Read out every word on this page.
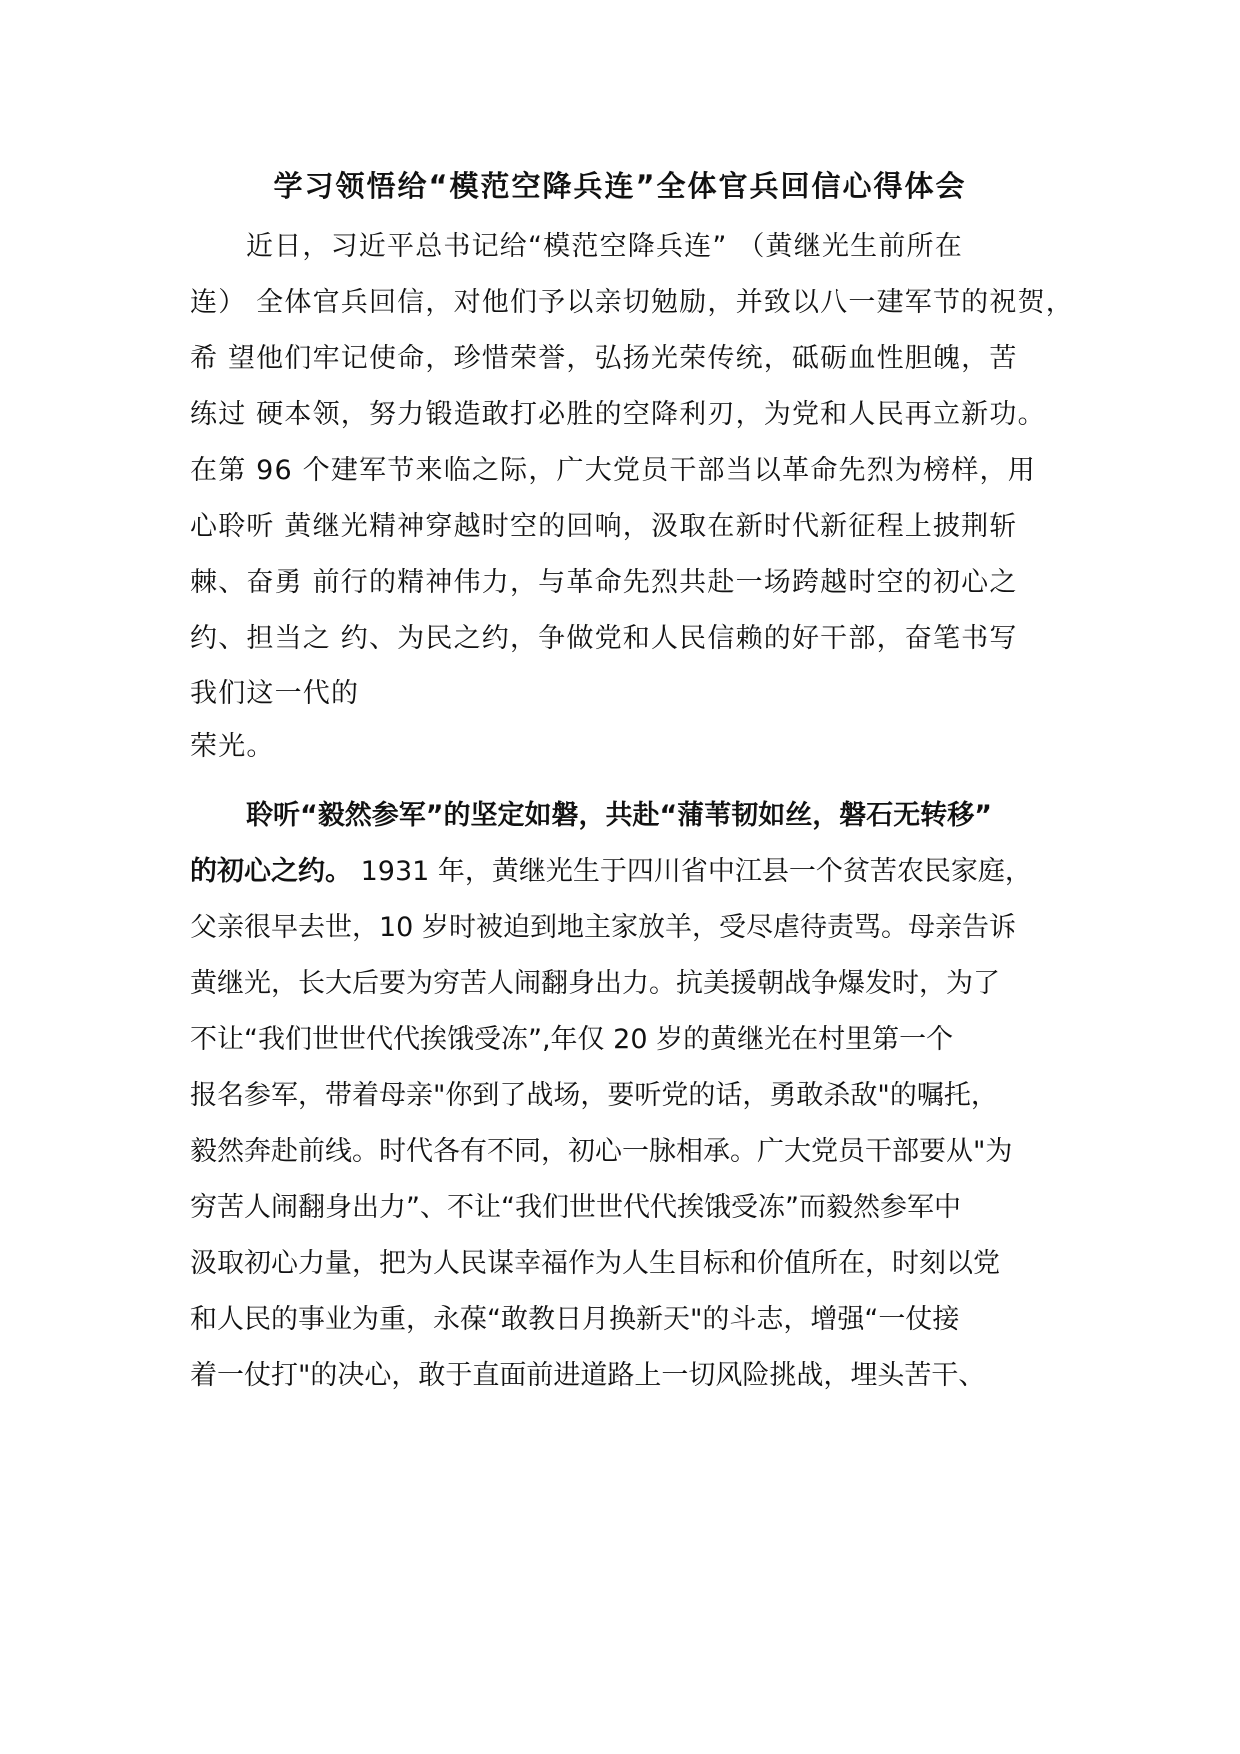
学习领悟给“模范空降兵连”全体官兵回信心得体会

近日，习近平总书记给“模范空降兵连” （黄继光生前所在

连） 全体官兵回信，对他们予以亲切勉励，并致以八一建军节的祝贺，

希 望他们牢记使命，珍惜荣誉，弘扬光荣传统，砥砺血性胆魄，苦

练过 硬本领，努力锻造敢打必胜的空降利刃，为党和人民再立新功。

在第 96 个建军节来临之际，广大党员干部当以革命先烈为榜样，用

心聆听 黄继光精神穿越时空的回响，汲取在新时代新征程上披荆斩

棘、奋勇 前行的精神伟力，与革命先烈共赴一场跨越时空的初心之

约、担当之 约、为民之约，争做党和人民信赖的好干部，奋笔书写

我们这一代的

荣光。

聆听“毅然参军”的坚定如磐，共赴“蒲苇韧如丝，磐石无转移”

的初心之约。 1931 年，黄继光生于四川省中江县一个贫苦农民家庭，

父亲很早去世，10 岁时被迫到地主家放羊，受尽虐待责骂。母亲告诉

黄继光，长大后要为穷苦人闹翻身出力。抗美援朝战争爆发时，为了

不让“我们世世代代挨饿受冻”,年仅 20 岁的黄继光在村里第一个

报名参军，带着母亲"你到了战场，要听党的话，勇敢杀敌"的嘱托，

毅然奔赴前线。时代各有不同，初心一脉相承。广大党员干部要从"为

穷苦人闹翻身出力”、不让“我们世世代代挨饿受冻”而毅然参军中

汲取初心力量，把为人民谋幸福作为人生目标和价值所在，时刻以党

和人民的事业为重，永葆“敢教日月换新天"的斗志，增强“一仗接

着一仗打"的决心，敢于直面前进道路上一切风险挑战，埋头苦干、
